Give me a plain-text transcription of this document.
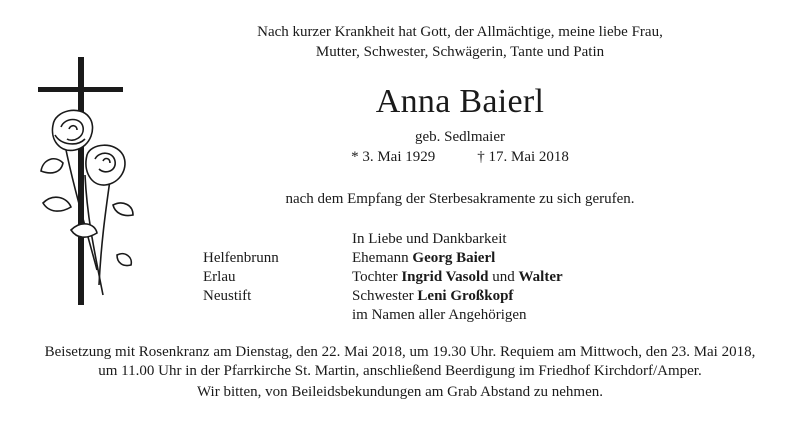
Nach kurzer Krankheit hat Gott, der Allmächtige, meine liebe Frau,
Mutter, Schwester, Schwägerin, Tante und Patin
Anna Baierl
geb. Sedlmaier
* 3. Mai 1929	† 17. Mai 2018
nach dem Empfang der Sterbesakramente zu sich gerufen.
In Liebe und Dankbarkeit
Helfenbrunn	Ehemann Georg Baierl
Erlau	Tochter Ingrid Vasold und Walter
Neustift	Schwester Leni Großkopf
im Namen aller Angehörigen
Beisetzung mit Rosenkranz am Dienstag, den 22. Mai 2018, um 19.30 Uhr. Requiem am Mittwoch, den 23. Mai 2018,
um 11.00 Uhr in der Pfarrkirche St. Martin, anschließend Beerdigung im Friedhof Kirchdorf/Amper.
Wir bitten, von Beileidsbekundungen am Grab Abstand zu nehmen.
